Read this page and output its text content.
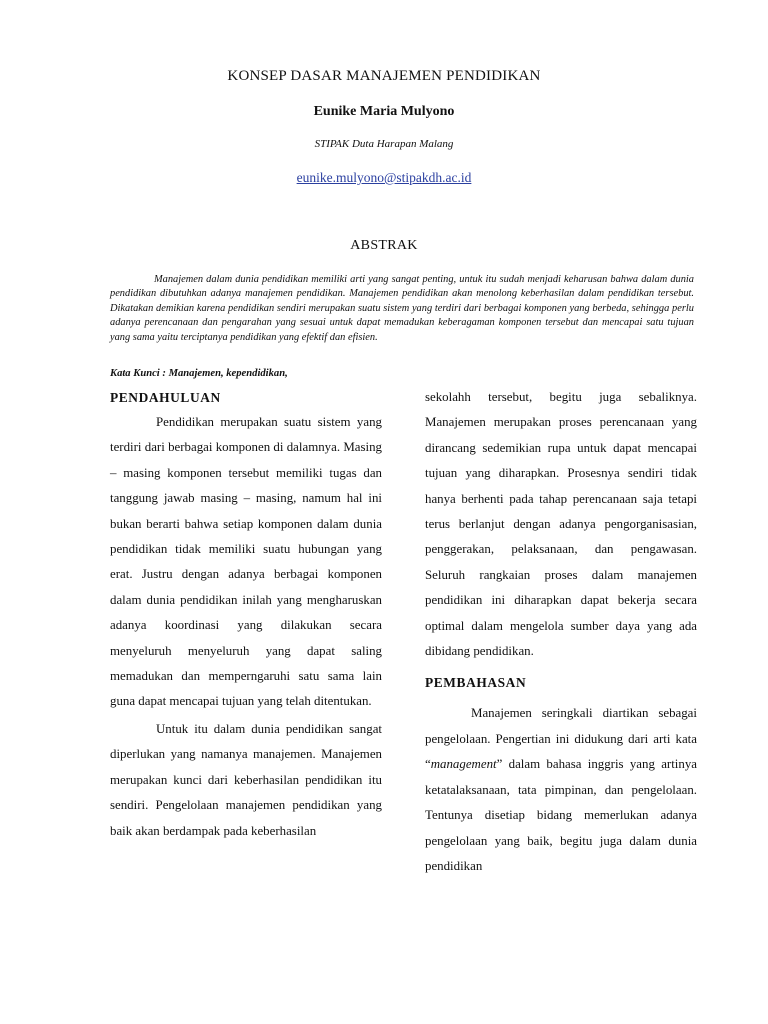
KONSEP DASAR MANAJEMEN PENDIDIKAN
Eunike Maria Mulyono
STIPAK Duta Harapan Malang
eunike.mulyono@stipakdh.ac.id
ABSTRAK
Manajemen dalam dunia pendidikan memiliki arti yang sangat penting, untuk itu sudah menjadi keharusan bahwa dalam dunia pendidikan dibutuhkan adanya manajemen pendidikan. Manajemen pendidikan akan menolong keberhasilan dalam pendidikan tersebut. Dikatakan demikian karena pendidikan sendiri merupakan suatu sistem yang terdiri dari berbagai komponen yang berbeda, sehingga perlu adanya perencanaan dan pengarahan yang sesuai untuk dapat memadukan keberagaman komponen tersebut dan mencapai satu tujuan yang sama yaitu terciptanya pendidikan yang efektif dan efisien.
Kata Kunci : Manajemen, kependidikan,
PENDAHULUAN

Pendidikan merupakan suatu sistem yang terdiri dari berbagai komponen di dalamnya. Masing – masing komponen tersebut memiliki tugas dan tanggung jawab masing – masing, namum hal ini bukan berarti bahwa setiap komponen dalam dunia pendidikan tidak memiliki suatu hubungan yang erat. Justru dengan adanya berbagai komponen dalam dunia pendidikan inilah yang mengharuskan adanya koordinasi yang dilakukan secara menyeluruh menyeluruh yang dapat saling memadukan dan memperngaruhi satu sama lain guna dapat mencapai tujuan yang telah ditentukan.

Untuk itu dalam dunia pendidikan sangat diperlukan yang namanya manajemen. Manajemen merupakan kunci dari keberhasilan pendidikan itu sendiri. Pengelolaan manajemen pendidikan yang baik akan berdampak pada keberhasilan

sekolahh tersebut, begitu juga sebaliknya. Manajemen merupakan proses perencanaan yang dirancang sedemikian rupa untuk dapat mencapai tujuan yang diharapkan. Prosesnya sendiri tidak hanya berhenti pada tahap perencanaan saja tetapi terus berlanjut dengan adanya pengorganisasian, penggerakan, pelaksanaan, dan pengawasan. Seluruh rangkaian proses dalam manajemen pendidikan ini diharapkan dapat bekerja secara optimal dalam mengelola sumber daya yang ada dibidang pendidikan.

PEMBAHASAN

Manajemen seringkali diartikan sebagai pengelolaan. Pengertian ini didukung dari arti kata “management” dalam bahasa inggris yang artinya ketatalaksanaan, tata pimpinan, dan pengelolaan. Tentunya disetiap bidang memerlukan adanya pengelolaan yang baik, begitu juga dalam dunia pendidikan
